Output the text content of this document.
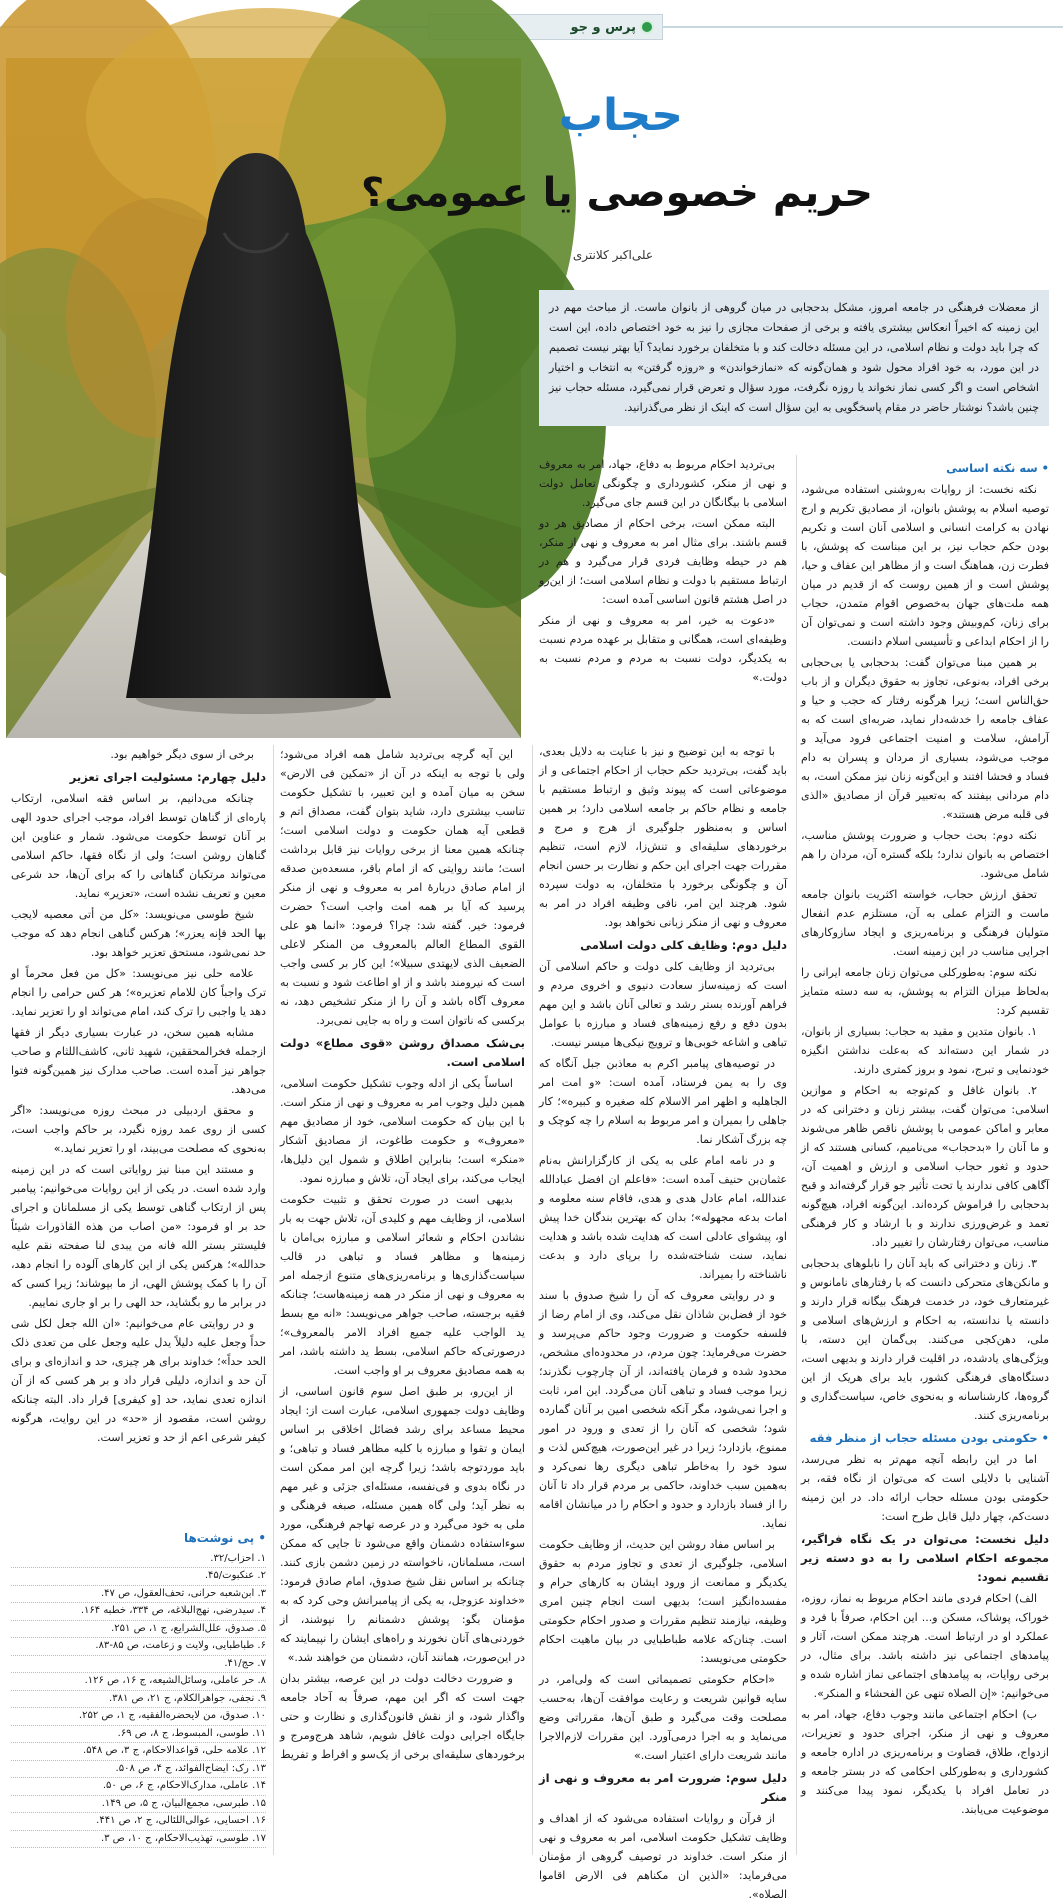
پرس و جو
حجاب
حریم خصوصی یا عمومی؟
علی‌اکبر کلانتری
از معضلات فرهنگی در جامعه امروز، مشکل بدحجابی در میان گروهی از بانوان ماست. از مباحث مهم در این زمینه که اخیراً انعکاس بیشتری یافته و برخی از صفحات مجازی را نیز به خود اختصاص داده، این است که چرا باید دولت و نظام اسلامی، در این مسئله دخالت کند و با متخلفان برخورد نماید؟ آیا بهتر نیست تصمیم در این مورد، به خود افراد محول شود و همان‌گونه که «نمازخواندن» و «روزه گرفتن» به انتخاب و اختیار اشخاص است و اگر کسی نماز نخواند یا روزه نگرفت، مورد سؤال و تعرض قرار نمی‌گیرد، مسئله حجاب نیز چنین باشد؟ نوشتار حاضر در مقام پاسخگویی به این سؤال است که اینک از نظر می‌گذرانید.
• سه نکته اساسی

نکته نخست: از روایات به‌روشنی استفاده می‌شود، توصیه اسلام به پوشش بانوان، از مصادیق تکریم و ارج نهادن به کرامت انسانی و اسلامی آنان است و تکریم بودن حکم حجاب نیز، بر این مبناست که پوشش، با فطرت زن، هماهنگ است و از مظاهر این عفاف و حیا، پوشش است و از همین روست که از قدیم در میان همه ملت‌های جهان به‌خصوص اقوام متمدن، حجاب برای زنان، کم‌وبیش وجود داشته است و نمی‌توان آن را از احکام ابداعی و تأسیسی اسلام دانست.

بر همین مبنا می‌توان گفت: بدحجابی یا بی‌حجابی برخی افراد، به‌نوعی، تجاوز به حقوق دیگران و از باب حق‌الناس است؛ زیرا هرگونه رفتار که حجب و حیا و عفاف جامعه را خدشه‌دار نماید، ضربه‌ای است که به آرامش، سلامت و امنیت اجتماعی فرود می‌آید و موجب می‌شود، بسیاری از مردان و پسران به دام فساد و فحشا افتند و این‌گونه زنان نیز ممکن است، به دام مردانی بیفتند که به‌تعبیر قرآن از مصادیق «الذی فی قلبه مرض هستند».

نکته دوم: بحث حجاب و ضرورت پوشش مناسب، اختصاص به بانوان ندارد؛ بلکه گستره آن، مردان را هم شامل می‌شود.

تحقق ارزش حجاب، خواسته اکثریت بانوان جامعه ماست و التزام عملی به آن، مستلزم عدم انفعال متولیان فرهنگی و برنامه‌ریزی و ایجاد سازوکارهای اجرایی مناسب در این زمینه است.

نکته سوم: به‌طورکلی می‌توان زنان جامعه ایرانی را به‌لحاظ میزان التزام به پوشش، به سه دسته متمایز تقسیم کرد:

۱. بانوان متدین و مقید به حجاب: بسیاری از بانوان، در شمار این دسته‌اند که به‌علت نداشتن انگیزه خودنمایی و تبرج، نمود و بروز کمتری دارند.

۲. بانوان غافل و کم‌توجه به احکام و موازین اسلامی: می‌توان گفت، بیشتر زنان و دخترانی که در معابر و اماکن عمومی با پوشش ناقص ظاهر می‌شوند و ما آنان را «بدحجاب» می‌نامیم، کسانی هستند که از حدود و ثغور حجاب اسلامی و ارزش و اهمیت آن، آگاهی کافی ندارند یا تحت تأثیر جو قرار گرفته‌اند و قبح بدحجابی را فراموش کرده‌اند. این‌گونه افراد، هیچ‌گونه تعمد و غرض‌ورزی ندارند و با ارشاد و کار فرهنگی مناسب، می‌توان رفتارشان را تغییر داد.

۳. زنان و دخترانی که باید آنان را نابلوهای بدحجابی و مانکن‌های متحرکی دانست که با رفتارهای نامانوس و غیرمتعارف خود، در خدمت فرهنگ بیگانه قرار دارند و دانسته یا ندانسته، به احکام و ارزش‌های اسلامی و ملی، دهن‌کجی می‌کنند. بی‌گمان این دسته، با ویژگی‌های یادشده، در اقلیت قرار دارند و بدیهی است، دستگاه‌های فرهنگی کشور، باید برای هریک از این گروه‌ها، کارشناسانه و به‌نحوی خاص، سیاست‌گذاری و برنامه‌ریزی کنند.

• حکومتی بودن مسئله حجاب از منظر فقه

اما در این رابطه آنچه مهم‌تر به نظر می‌رسد، آشنایی با دلایلی است که می‌توان از نگاه فقه، بر حکومتی بودن مسئله حجاب ارائه داد. در این زمینه دست‌کم، چهار دلیل قابل طرح است:

دلیل نخست: می‌توان در یک نگاه فراگیر، مجموعه احکام اسلامی را به دو دسته زیر تقسیم نمود:

الف) احکام فردی مانند احکام مربوط به نماز، روزه، خوراک، پوشاک، مسکن و... این احکام، صرفاً با فرد و عملکرد او در ارتباط است. هرچند ممکن است، آثار و پیامدهای اجتماعی نیز داشته باشد. برای مثال، در برخی روایات، به پیامدهای اجتماعی نماز اشاره شده و می‌خوانیم: «إن الصلاه تنهی عن الفحشاء و المنکر».

ب) احکام اجتماعی مانند وجوب دفاع، جهاد، امر به معروف و نهی از منکر، اجرای حدود و تعزیرات، ازدواج، طلاق، قضاوت و برنامه‌ریزی در اداره جامعه و کشورداری و به‌طورکلی احکامی که در بستر جامعه و در تعامل افراد با یکدیگر، نمود پیدا می‌کنند و موضوعیت می‌یابند.

بی‌تردید احکام مربوط به دفاع، جهاد، امر به معروف و نهی از منکر، کشورداری و چگونگی تعامل دولت اسلامی با بیگانگان در این قسم جای می‌گیرد.

البته ممکن است، برخی احکام از مصادیق هر دو قسم باشند. برای مثال امر به معروف و نهی از منکر، هم در حیطه وظایف فردی قرار می‌گیرد و هم در ارتباط مستقیم با دولت و نظام اسلامی است؛ از این‌رو در اصل هشتم قانون اساسی آمده است:

«دعوت به خیر، امر به معروف و نهی از منکر وظیفه‌ای است، همگانی و متقابل بر عهده مردم نسبت به یکدیگر، دولت نسبت به مردم و مردم نسبت به دولت.»

با توجه به این توضیح و نیز با عنایت به دلایل بعدی، باید گفت، بی‌تردید حکم حجاب از احکام اجتماعی و از موضوعاتی است که پیوند وثیق و ارتباط مستقیم با جامعه و نظام حاکم بر جامعه اسلامی دارد؛ بر همین اساس و به‌منظور جلوگیری از هرج و مرج و برخوردهای سلیقه‌ای و تنش‌زا، لازم است، تنظیم مقررات جهت اجرای این حکم و نظارت بر حسن انجام آن و چگونگی برخورد با متخلفان، به دولت سپرده شود. هرچند این امر، نافی وظیفه افراد در امر به معروف و نهی از منکر زبانی نخواهد بود.

دلیل دوم: وظایف کلی دولت اسلامی

بی‌تردید از وظایف کلی دولت و حاکم اسلامی آن است که زمینه‌ساز سعادت دنیوی و اخروی مردم و فراهم آورنده بستر رشد و تعالی آنان باشد و این مهم بدون دفع و رفع زمینه‌های فساد و مبارزه با عوامل تباهی و اشاعه خوبی‌ها و ترویج نیکی‌ها میسر نیست.

در توصیه‌های پیامبر اکرم به معاذبن جبل آنگاه که وی را به یمن فرستاد، آمده است: «و امت امر الجاهلیه و اظهر امر الاسلام کله صغیره و کبیره»؛ کار جاهلی را بمیران و امر مربوط به اسلام را چه کوچک و چه بزرگ آشکار نما.

و در نامه امام علی به یکی از کارگزارانش به‌نام عثمان‌بن حنیف آمده است: «فاعلم ان افضل عبادالله عندالله، امام عادل هدی و هدی، فاقام سنه معلومه و امات بدعه مجهوله»؛ بدان که بهترین بندگان خدا پیش او، پیشوای عادلی است که هدایت شده باشد و هدایت نماید، سنت شناخته‌شده را برپای دارد و بدعت ناشناخته را بمیراند.

و در روایتی معروف که آن را شیخ صدوق با سند خود از فضل‌بن شاذان نقل می‌کند، وی از امام رضا از فلسفه حکومت و ضرورت وجود حاکم می‌پرسد و حضرت می‌فرماید: چون مردم، در محدوده‌ای مشخص، محدود شده و فرمان یافته‌اند، از آن چارچوب نگذرند؛ زیرا موجب فساد و تباهی آنان می‌گردد. این امر، ثابت و اجرا نمی‌شود، مگر آنکه شخصی امین بر آنان گمارده شود؛ شخصی که آنان را از تعدی و ورود در امور ممنوع، بازدارد؛ زیرا در غیر این‌صورت، هیچ‌کس لذت و سود خود را به‌خاطر تباهی دیگری رها نمی‌کرد و به‌همین سبب خداوند، حاکمی بر مردم قرار داد تا آنان را از فساد بازدارد و حدود و احکام را در میانشان اقامه نماید.

بر اساس مفاد روشن این حدیث، از وظایف حکومت اسلامی، جلوگیری از تعدی و تجاوز مردم به حقوق یکدیگر و ممانعت از ورود ایشان به کارهای حرام و مفسده‌انگیز است؛ بدیهی است انجام چنین امری وظیفه، نیازمند تنظیم مقررات و صدور احکام حکومتی است. چنان‌که علامه طباطبایی در بیان ماهیت احکام حکومتی می‌نویسد:

«احکام حکومتی تصمیماتی است که ولی‌امر، در سایه قوانین شریعت و رعایت موافقت آن‌ها، به‌حسب مصلحت وقت می‌گیرد و طبق آن‌ها، مقرراتی وضع می‌نماید و به اجرا درمی‌آورد. این مقررات لازم‌الاجرا مانند شریعت دارای اعتبار است.»

دلیل سوم: ضرورت امر به معروف و نهی از منکر

از قرآن و روایات استفاده می‌شود که از اهداف و وظایف تشکیل حکومت اسلامی، امر به معروف و نهی از منکر است. خداوند در توصیف گروهی از مؤمنان می‌فرماید: «الذین ان مکناهم فی الارض اقاموا الصلاه».

این آیه گرچه بی‌تردید شامل همه افراد می‌شود؛ ولی با توجه به اینکه در آن از «تمکین فی الارض» سخن به میان آمده و این تعبیر، با تشکیل حکومت تناسب بیشتری دارد، شاید بتوان گفت، مصداق اتم و قطعی آیه همان حکومت و دولت اسلامی است؛ چنانکه همین معنا از برخی روایات نیز قابل برداشت است؛ مانند روایتی که از امام باقر، مسعده‌بن صدقه از امام صادق دربارهٔ امر به معروف و نهی از منکر پرسید که آیا بر همه امت واجب است؟ حضرت فرمود: خیر. گفته شد: چرا؟ فرمود: «انما هو علی القوی المطاع العالم بالمعروف من المنکر لاعلی الضعیف الذی لایهتدی سبیلا»؛ این کار بر کسی واجب است که نیرومند باشد و از او اطاعت شود و نسبت به معروف آگاه باشد و آن را از منکر تشخیص دهد، نه برکسی که ناتوان است و راه به جایی نمی‌برد.

بی‌شک مصداق روشن «قوی مطاع» دولت اسلامی است.

اساساً یکی از ادله وجوب تشکیل حکومت اسلامی، همین دلیل وجوب امر به معروف و نهی از منکر است. با این بیان که حکومت اسلامی، خود از مصادیق مهم «معروف» و حکومت طاغوت، از مصادیق آشکار «منکر» است؛ بنابراین اطلاق و شمول این دلیل‌ها، ایجاب می‌کند، برای ایجاد آن، تلاش و مبارزه نمود.

بدیهی است در صورت تحقق و تثبیت حکومت اسلامی، از وظایف مهم و کلیدی آن، تلاش جهت به بار نشاندن احکام و شعائر اسلامی و مبارزه بی‌امان با زمینه‌ها و مظاهر فساد و تباهی در قالب سیاست‌گذاری‌ها و برنامه‌ریزی‌های متنوع ازجمله امر به معروف و نهی از منکر در همه زمینه‌هاست؛ چنانکه فقیه برجسته، صاحب جواهر می‌نویسد: «انه مع بسط ید الواجب علیه جمیع افراد الامر بالمعروف»؛ درصورتی‌که حاکم اسلامی، بسط ید داشته باشد، امر به همه مصادیق معروف بر او واجب است.

از این‌رو، بر طبق اصل سوم قانون اساسی، از وظایف دولت جمهوری اسلامی، عبارت است از: ایجاد محیط مساعد برای رشد فضائل اخلاقی بر اساس ایمان و تقوا و مبارزه با کلیه مظاهر فساد و تباهی؛ و باید موردتوجه باشد؛ زیرا گرچه این امر ممکن است در نگاه بدوی و فی‌نفسه، مسئله‌ای جزئی و غیر مهم به نظر آید؛ ولی گاه همین مسئله، صبغه فرهنگی و ملی به خود می‌گیرد و در عرصه تهاجم فرهنگی، مورد سوء‌استفاده دشمنان واقع می‌شود تا جایی که ممکن است، مسلمانان، ناخواسته در زمین دشمن بازی کنند. چنانکه بر اساس نقل شیخ صدوق، امام صادق فرمود: «خداوند عزوجل، به یکی از پیامبرانش وحی کرد که به مؤمنان بگو: پوشش دشمنانم را نپوشند، از خوردنی‌های آنان نخورند و راه‌های ایشان را نپیمایند که در این‌صورت، همانند آنان، دشمنان من خواهند شد.»

و ضرورت دخالت دولت در این عرصه، بیشتر بدان جهت است که اگر این مهم، صرفاً به آحاد جامعه واگذار شود، و از نقش قانون‌گذاری و نظارت و حتی جایگاه اجرایی دولت غافل شویم، شاهد هرج‌ومرج و برخوردهای سلیقه‌ای برخی از یک‌سو و افراط و تفریط

برخی از سوی دیگر خواهیم بود.

دلیل چهارم: مسئولیت اجرای تعزیر

چنانکه می‌دانیم، بر اساس فقه اسلامی، ارتکاب پاره‌ای از گناهان توسط افراد، موجب اجرای حدود الهی بر آنان توسط حکومت می‌شود. شمار و عناوین این گناهان روشن است؛ ولی از نگاه فقها، حاکم اسلامی می‌تواند مرتکبان گناهانی را که برای آن‌ها، حد شرعی معین و تعریف نشده است، «تعزیر» نماید.

شیخ طوسی می‌نویسد: «کل من أتی معصیه لایجب بها الحد فإنه یعزر»؛ هرکس گناهی انجام دهد که موجب حد نمی‌شود، مستحق تعزیر خواهد بود.

علامه حلی نیز می‌نویسد: «کل من فعل محرماً او ترک واجباً کان للامام تعزیره»؛ هر کس حرامی را انجام دهد یا واجبی را ترک کند، امام می‌تواند او را تعزیر نماید.

مشابه همین سخن، در عبارت بسیاری دیگر از فقها ازجمله فخرالمحققین، شهید ثانی، کاشف‌اللثام و صاحب جواهر نیز آمده است. صاحب مدارک نیز همین‌گونه فتوا می‌دهد.

و محقق اردبیلی در مبحث روزه می‌نویسد: «اگر کسی از روی عمد روزه نگیرد، بر حاکم واجب است، به‌نحوی که مصلحت می‌بیند، او را تعزیر نماید.»

و مستند این مبنا نیز روایاتی است که در این زمینه وارد شده است. در یکی از این روایات می‌خوانیم: پیامبر پس از ارتکاب گناهی توسط یکی از مسلمانان و اجرای حد بر او فرمود: «من اصاب من هذه القاذورات شیئاً فلیستتر بستر الله فانه من یبدی لنا صفحته نقم علیه حدالله»؛ هرکس یکی از این کارهای آلوده را انجام دهد، آن را با کمک پوشش الهی، از ما بپوشاند؛ زیرا کسی که در برابر ما رو بگشاید، حد الهی را بر او جاری نماییم.

و در روایتی عام می‌خوانیم: «ان الله جعل لکل شی حداً وجعل علیه دلیلاً یدل علیه وجعل علی من تعدی ذلک الحد حداً»؛ خداوند برای هر چیزی، حد و اندازه‌ای و برای آن حد و اندازه، دلیلی قرار داد و بر هر کسی که از آن اندازه تعدی نماید، حد [و کیفری] قرار داد. البته چنانکه روشن است، مقصود از «حد» در این روایت، هرگونه کیفر شرعی اعم از حد و تعزیر است.

• پی نوشت‌ها
۱. احزاب/۳۲.
۲. عنکبوت/۴۵.
۳. ابن‌شعبه حرانی، تحف‌العقول، ص ۴۷.
۴. سیدرضی، نهج‌البلاغه، ص ۳۳۴، خطبه ۱۶۴.
۵. صدوق، علل‌الشرایع، ج ۱، ص ۲۵۱.
۶. طباطبایی، ولایت و زعامت، ص ۸۵-۸۳.
۷. حج/۴۱.
۸. حر عاملی، وسائل‌الشیعه، ج ۱۶، ص ۱۲۶.
۹. نجفی، جواهرالکلام، ج ۲۱، ص ۳۸۱.
۱۰. صدوق، من لایحضره‌الفقیه، ج ۱، ص ۲۵۲.
۱۱. طوسی، المبسوط، ج ۸، ص ۶۹.
۱۲. علامه حلی، قواعدالاحکام، ج ۳، ص ۵۴۸.
۱۳. رک: ایضاح‌الفوائد، ج ۴، ص ۵۰۸.
۱۴. عاملی، مدارک‌الاحکام، ج ۶، ص ۵۰.
۱۵. طبرسی، مجمع‌البیان، ج ۵، ص ۱۴۹.
۱۶. احسایی، عوالی‌اللئالی، ج ۲، ص ۴۴۱.
۱۷. طوسی، تهذیب‌الاحکام، ج ۱۰، ص ۳.
